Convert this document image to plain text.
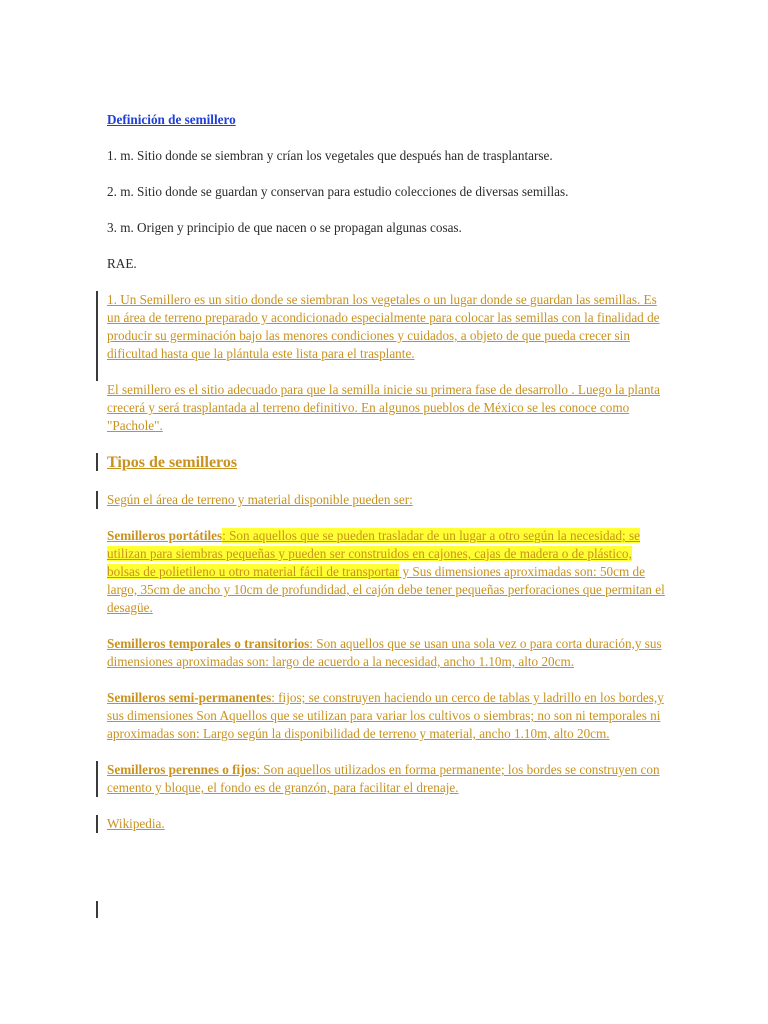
Definición de semillero

1. m. Sitio donde se siembran y crían los vegetales que después han de trasplantarse.

2. m. Sitio donde se guardan y conservan para estudio colecciones de diversas semillas.

3. m. Origen y principio de que nacen o se propagan algunas cosas.

RAE.

1. Un Semillero es un sitio donde se siembran los vegetales o un lugar donde se guardan las semillas. Es un área de terreno preparado y acondicionado especialmente para colocar las semillas con la finalidad de producir su germinación bajo las menores condiciones y cuidados, a objeto de que pueda crecer sin dificultad hasta que la plántula este lista para el trasplante.

El semillero es el sitio adecuado para que la semilla inicie su primera fase de desarrollo . Luego la planta crecerá y será trasplantada al terreno definitivo. En algunos pueblos de México se les conoce como "Pachole".

Tipos de semilleros

Según el área de terreno y material disponible pueden ser:

Semilleros portátiles: Son aquellos que se pueden trasladar de un lugar a otro según la necesidad; se utilizan para siembras pequeñas y pueden ser construidos en cajones, cajas de madera o de plástico, bolsas de polietileno u otro material fácil de transportar y Sus dimensiones aproximadas son: 50cm de largo, 35cm de ancho y 10cm de profundidad, el cajón debe tener pequeñas perforaciones que permitan el desagüe.

Semilleros temporales o transitorios: Son aquellos que se usan una sola vez o para corta duración,y sus dimensiones aproximadas son: largo de acuerdo a la necesidad, ancho 1.10m, alto 20cm.

Semilleros semi-permanentes: fijos; se construyen haciendo un cerco de tablas y ladrillo en los bordes,y sus dimensiones Son Aquellos que se utilizan para variar los cultivos o siembras; no son ni temporales ni aproximadas son: Largo según la disponibilidad de terreno y material, ancho 1.10m, alto 20cm.

Semilleros perennes o fijos: Son aquellos utilizados en forma permanente; los bordes se construyen con cemento y bloque, el fondo es de granzón, para facilitar el drenaje.

Wikipedia.
